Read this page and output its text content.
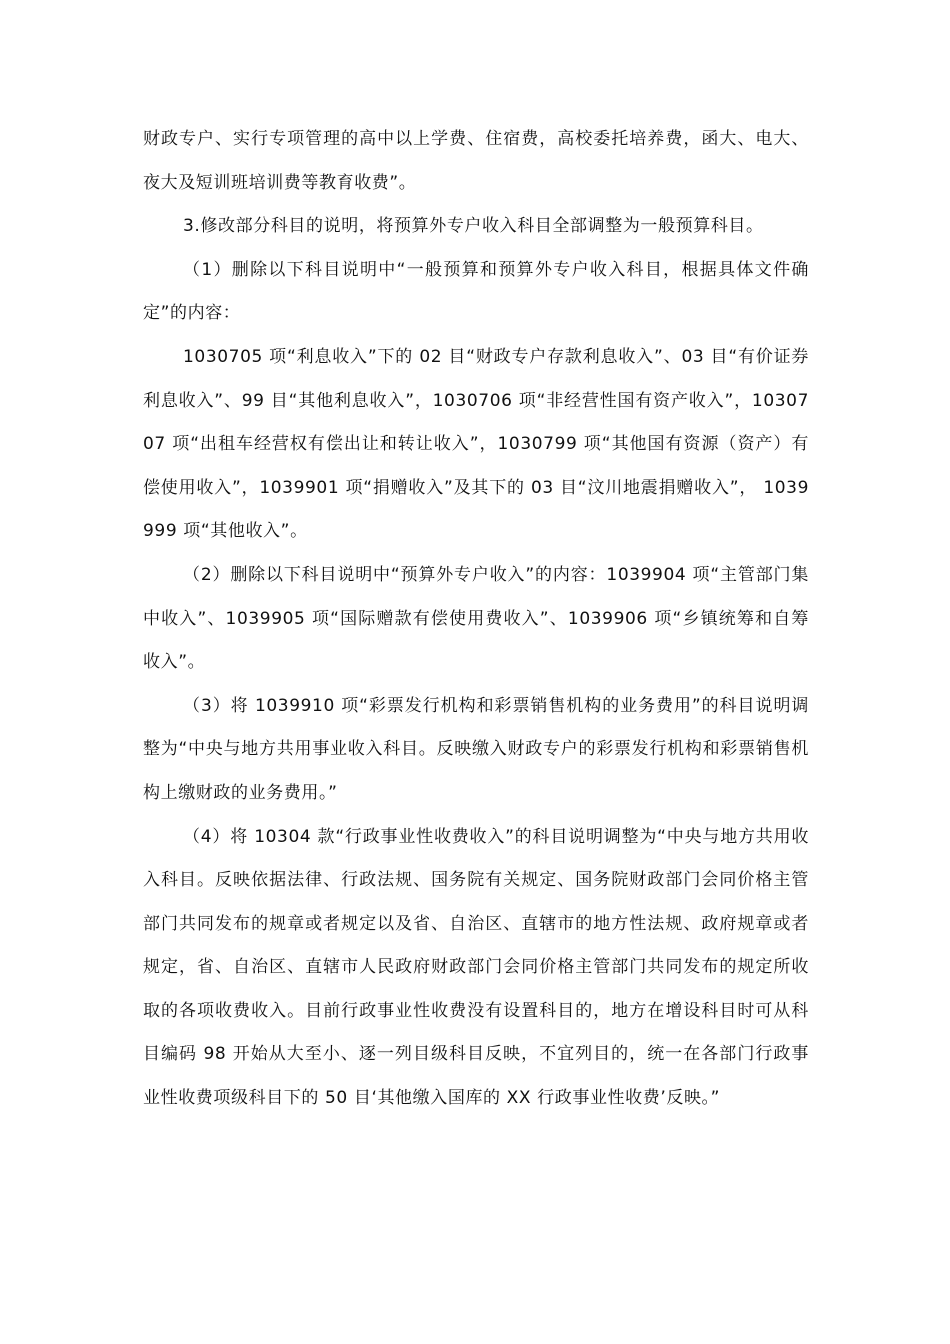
财政专户、实行专项管理的高中以上学费、住宿费，高校委托培养费，函大、电大、夜大及短训班培训费等教育收费”。

3.修改部分科目的说明，将预算外专户收入科目全部调整为一般预算科目。

（1）删除以下科目说明中“一般预算和预算外专户收入科目，根据具体文件确定”的内容：

1030705 项“利息收入”下的 02 目“财政专户存款利息收入”、03 目“有价证券利息收入”、99 目“其他利息收入”，1030706 项“非经营性国有资产收入”，1030707 项“出租车经营权有偿出让和转让收入”，1030799 项“其他国有资源（资产）有偿使用收入”，1039901 项“捐赠收入”及其下的 03 目“汶川地震捐赠收入”， 1039999 项“其他收入”。

（2）删除以下科目说明中“预算外专户收入”的内容：1039904 项“主管部门集中收入”、1039905 项“国际赠款有偿使用费收入”、1039906 项“乡镇统筹和自筹收入”。

（3）将 1039910 项“彩票发行机构和彩票销售机构的业务费用”的科目说明调整为“中央与地方共用事业收入科目。反映缴入财政专户的彩票发行机构和彩票销售机构上缴财政的业务费用。”

（4）将 10304 款“行政事业性收费收入”的科目说明调整为“中央与地方共用收入科目。反映依据法律、行政法规、国务院有关规定、国务院财政部门会同价格主管部门共同发布的规章或者规定以及省、自治区、直辖市的地方性法规、政府规章或者规定，省、自治区、直辖市人民政府财政部门会同价格主管部门共同发布的规定所收取的各项收费收入。目前行政事业性收费没有设置科目的，地方在增设科目时可从科目编码 98 开始从大至小、逐一列目级科目反映，不宜列目的，统一在各部门行政事业性收费项级科目下的 50 目‘其他缴入国库的 XX 行政事业性收费’反映。”
